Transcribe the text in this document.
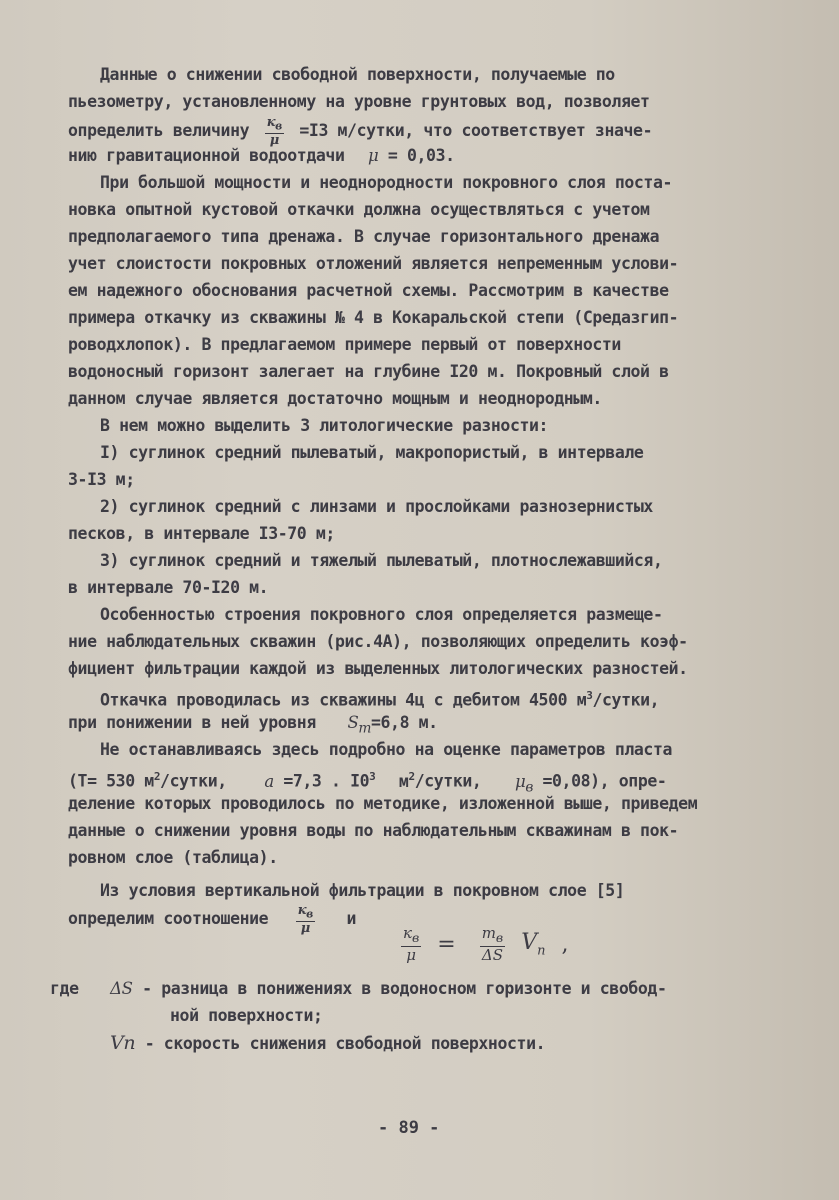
Данные о снижении свободной поверхности, получаемые по
пьезометру, установленному на уровне грунтовых вод, позволяет
определить величину $\frac{к_в}{\mu} =I3$ м/сутки, что соответствует значе-
нию гравитационной водоотдачи μ = 0,03.
При большой мощности и неоднородности покровного слоя поста-
новка опытной кустовой откачки должна осуществляться с учетом
предполагаемого типа дренажа. В случае горизонтального дренажа
учет слоистости покровных отложений является непременным услови-
ем надежного обоснования расчетной схемы. Рассмотрим в качестве
примера откачку из скважины № 4 в Кокаральской степи (Средазгип-
роводхлопок). В предлагаемом примере первый от поверхности
водоносный горизонт залегает на глубине I20 м. Покровный слой в
данном случае является достаточно мощным и неоднородным.
В нем можно выделить 3 литологические разности:
I) суглинок средний пылеватый, макропористый, в интервале
3-I3 м;
2) суглинок средний с линзами и прослойками разнозернистых
песков, в интервале I3-70 м;
3) суглинок средний и тяжелый пылеватый, плотнослежавшийся,
в интервале 70-I20 м.
Особенностью строения покровного слоя определяется размеще-
ние наблюдательных скважин (рис.4А), позволяющих определить коэф-
фициент фильтрации каждой из выделенных литологических разностей.
Откачка проводилась из скважины 4ц с дебитом 4500 $м^3$/сутки,
при понижении в ней уровня $S_m=6,8$ м.
Не останавливаясь здесь подробно на оценке параметров пласта
(T= 530 $м^2$/сутки, a =7,3 . $I0^3$ $м^2$/сутки, $\mu_в =0,08$), опре-
деление которых проводилось по методике, изложенной выше, приведем
данные о снижении уровня воды по наблюдательным скважинам в пок-
ровном слое (таблица).
Из условия вертикальной фильтрации в покровном слое [5]
определим соотношение $\frac{к_в}{\mu}$ и
$\frac{к_в}{\mu} = \frac{m_в}{\Delta S} V_n$ ,
где ΔS - разница в понижениях в водоносном горизонте и свобод-
ной поверхности;
Vn - скорость снижения свободной поверхности.
- 89 -
